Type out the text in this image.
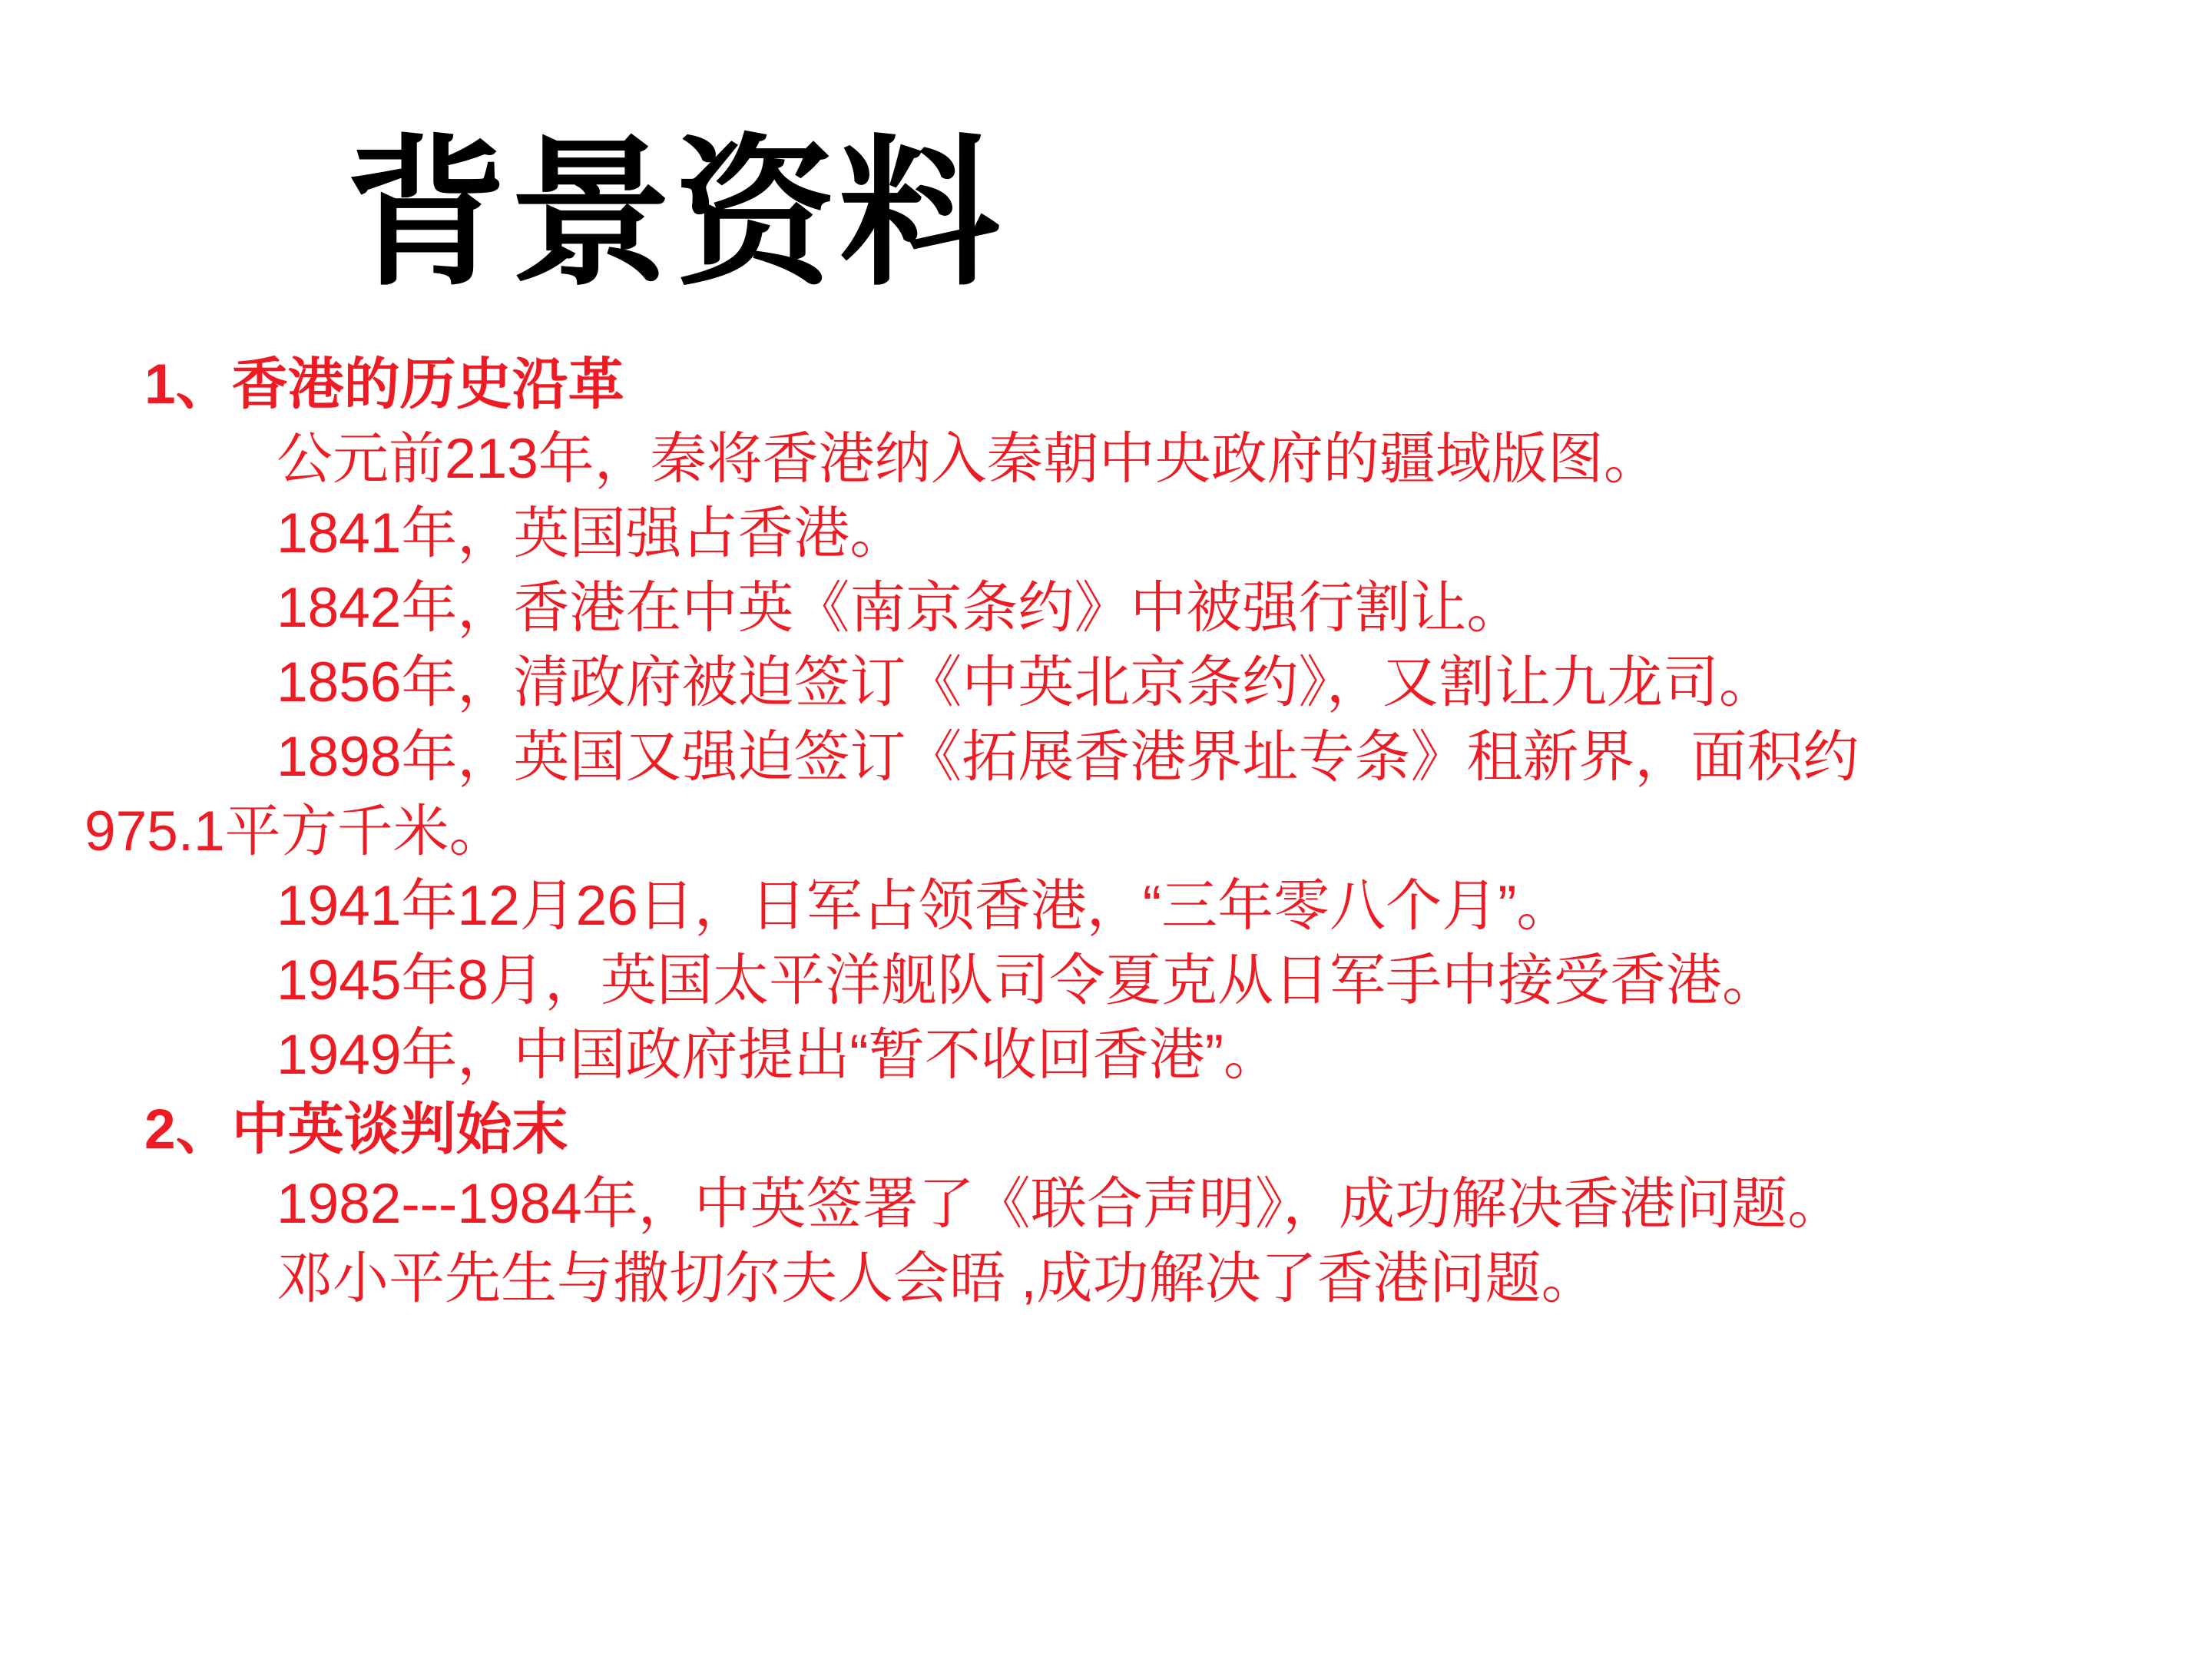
背景资料
1、香港的历史沿革
公元前213年，秦将香港纳入秦朝中央政府的疆域版图。
1841年，英国强占香港。
1842年，香港在中英《南京条约》中被强行割让。
1856年，清政府被迫签订《中英北京条约》，又割让九龙司。
1898年，英国又强迫签订《拓展香港界址专条》租新界，面积约
975.1平方千米。
1941年12月26日，日军占领香港，“三年零八个月”。
1945年8月，英国太平洋舰队司令夏克从日军手中接受香港。
1949年，中国政府提出“暂不收回香港”。
2、中英谈判始末
1982---1984年，中英签署了《联合声明》，成功解决香港问题。
邓小平先生与撒切尔夫人会晤 ,成功解决了香港问题。
